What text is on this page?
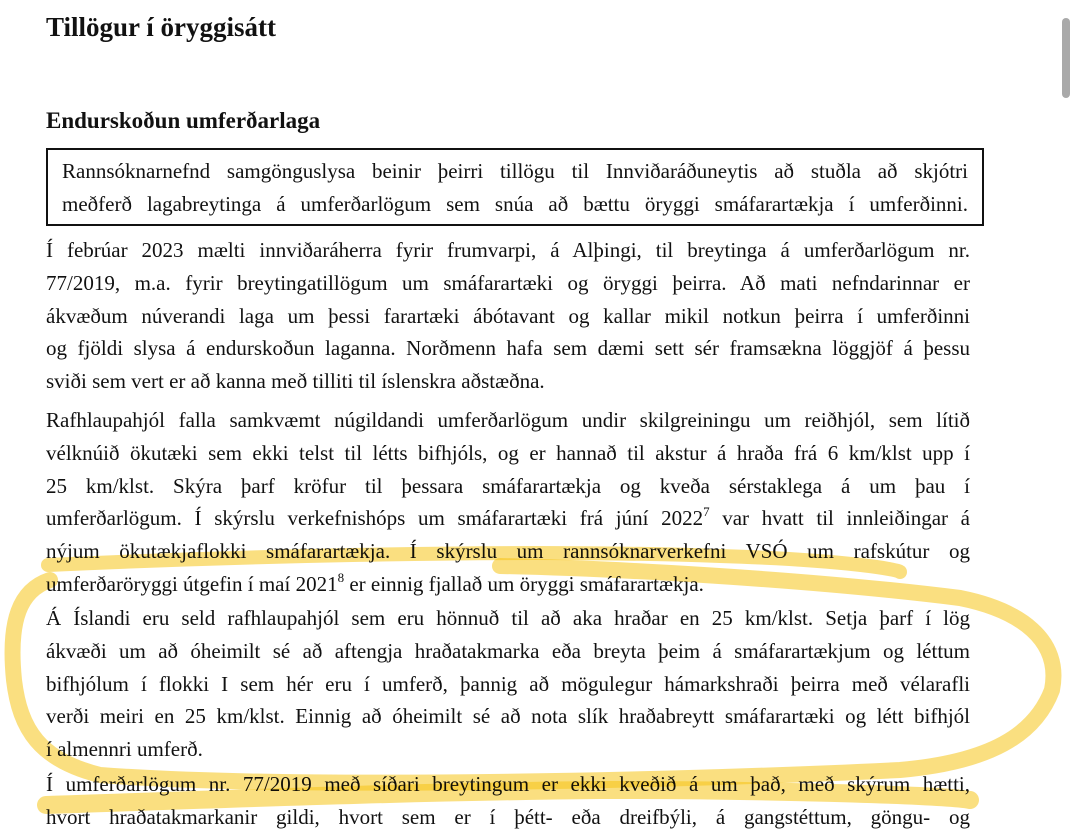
Tillögur í öryggisátt
Endurskoðun umferðarlaga
Rannsóknarnefnd samgönguslysa beinir þeirri tillögu til Innviðaráðuneytis að stuðla að skjótri
meðferð lagabreytinga á umferðarlögum sem snúa að bættu öryggi smáfarartækja í umferðinni.
Í febrúar 2023 mælti innviðaráherra fyrir frumvarpi, á Alþingi, til breytinga á umferðarlögum nr.
77/2019, m.a. fyrir breytingatillögum um smáfarartæki og öryggi þeirra. Að mati nefndarinnar er
ákvæðum núverandi laga um þessi farartæki ábótavant og kallar mikil notkun þeirra í umferðinni
og fjöldi slysa á endurskoðun laganna. Norðmenn hafa sem dæmi sett sér framsækna löggjöf á þessu
sviði sem vert er að kanna með tilliti til íslenskra aðstæðna.
Rafhlaupahjól falla samkvæmt núgildandi umferðarlögum undir skilgreiningu um reiðhjól, sem lítið
vélknúið ökutæki sem ekki telst til létts bifhjóls, og er hannað til akstur á hraða frá 6 km/klst upp í
25 km/klst. Skýra þarf kröfur til þessara smáfarartækja og kveða sérstaklega á um þau í
umferðarlögum. Í skýrslu verkefnishóps um smáfarartæki frá júní 2022$^7$ var hvatt til innleiðingar á
nýjum ökutækjaflokki smáfarartækja. Í skýrslu um rannsóknarverkefni VSÓ um rafskútur og
umferðaröryggi útgefin í maí 2021$^8$ er einnig fjallað um öryggi smáfarartækja.
Á Íslandi eru seld rafhlaupahjól sem eru hönnuð til að aka hraðar en 25 km/klst. Setja þarf í lög
ákvæði um að óheimilt sé að aftengja hraðatakmarka eða breyta þeim á smáfarartækjum og léttum
bifhjólum í flokki I sem hér eru í umferð, þannig að mögulegur hámarkshraði þeirra með vélarafli
verði meiri en 25 km/klst. Einnig að óheimilt sé að nota slík hraðabreytt smáfarartæki og létt bifhjól
í almennri umferð.
Í umferðarlögum nr. 77/2019 með síðari breytingum er ekki kveðið á um það, með skýrum hætti,
hvort hraðatakmarkanir gildi, hvort sem er í þétt- eða dreifbýli, á gangstéttum, göngu- og
